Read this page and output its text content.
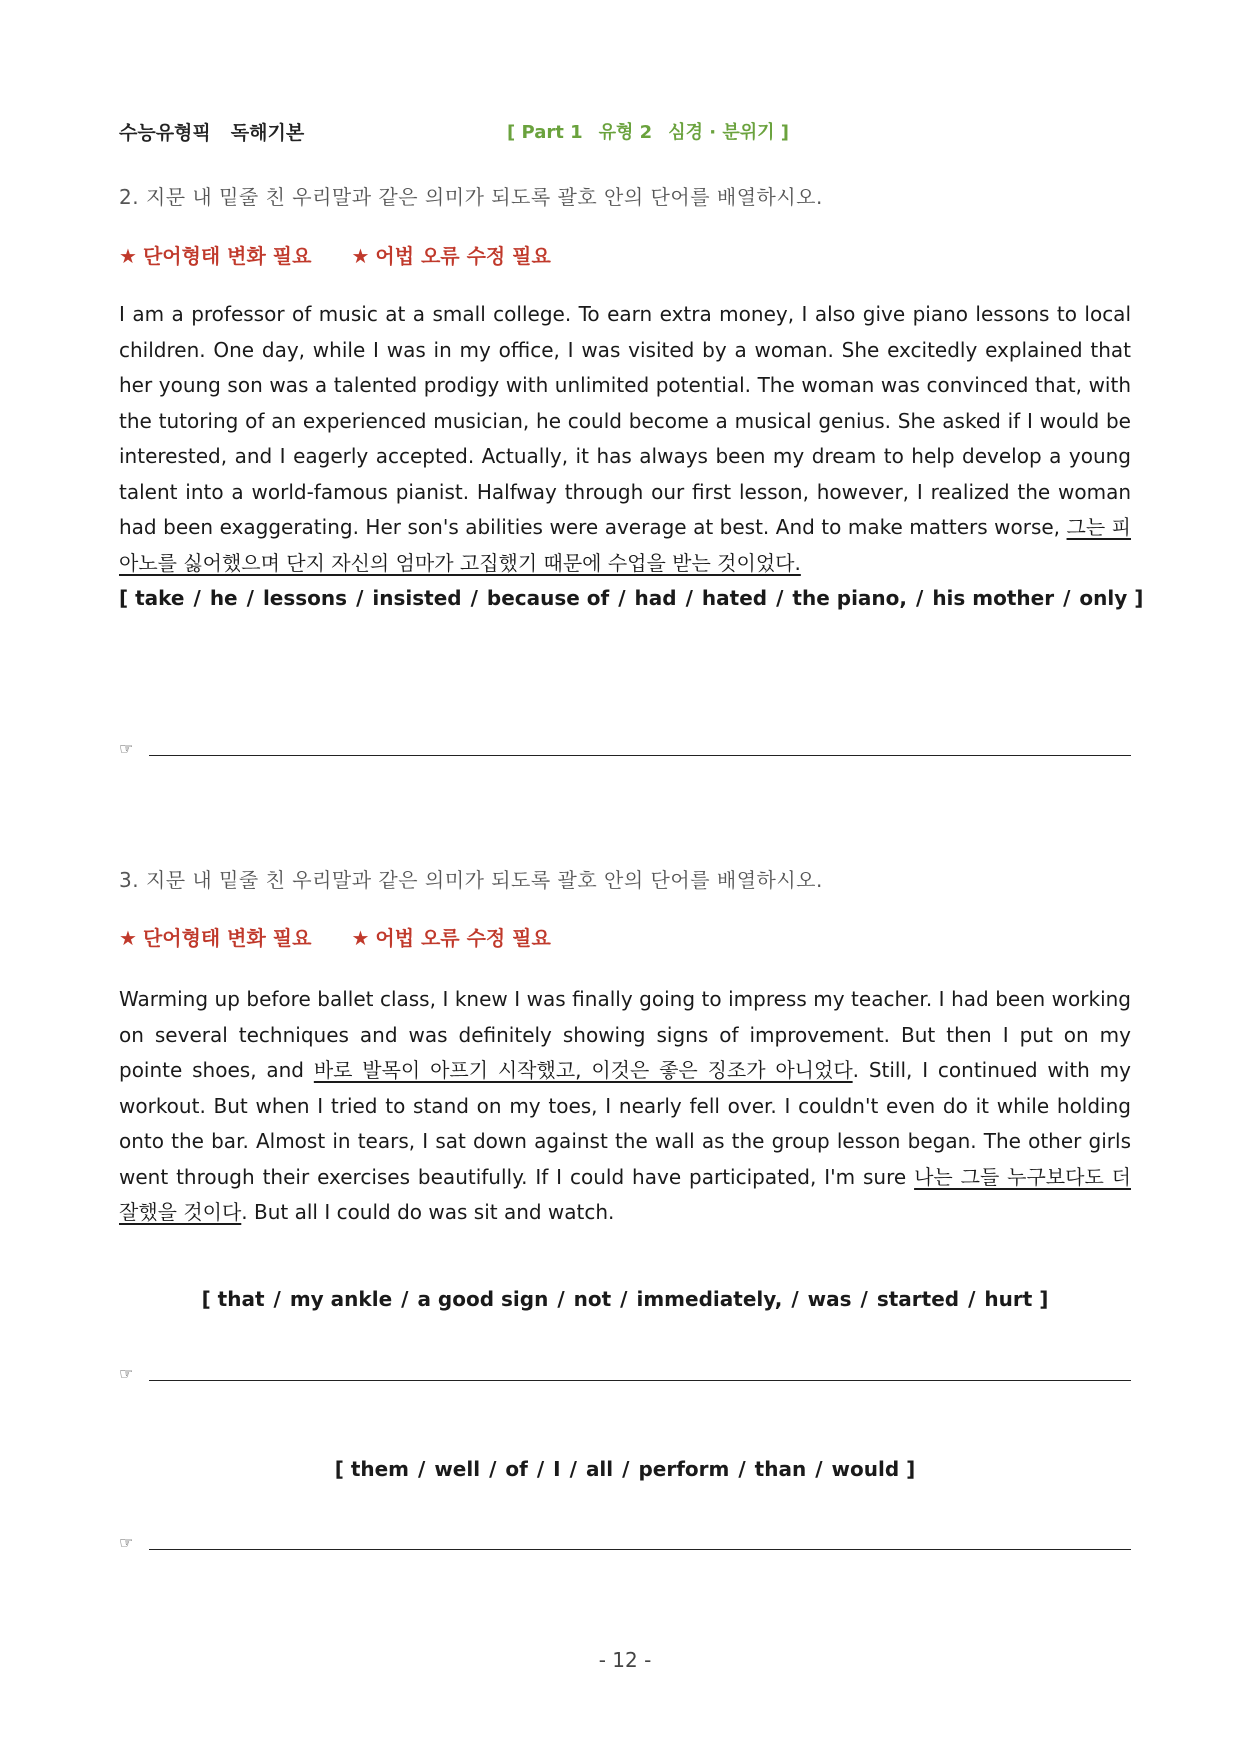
수능유형픽 독해기본	[ Part 1 유형 2 심경 · 분위기 ]
2. 지문 내 밑줄 친 우리말과 같은 의미가 되도록 괄호 안의 단어를 배열하시오.
★ 단어형태 변화 필요 ★ 어법 오류 수정 필요
I am a professor of music at a small college. To earn extra money, I also give piano lessons to local children. One day, while I was in my office, I was visited by a woman. She excitedly explained that her young son was a talented prodigy with unlimited potential. The woman was convinced that, with the tutoring of an experienced musician, he could become a musical genius. She asked if I would be interested, and I eagerly accepted. Actually, it has always been my dream to help develop a young talent into a world-famous pianist. Halfway through our first lesson, however, I realized the woman had been exaggerating. Her son's abilities were average at best. And to make matters worse, 그는 피아노를 싫어했으며 단지 자신의 엄마가 고집했기 때문에 수업을 받는 것이었다.
[ take / he / lessons / insisted / because of / had / hated / the piano, / his mother / only ]
☞
3. 지문 내 밑줄 친 우리말과 같은 의미가 되도록 괄호 안의 단어를 배열하시오.
★ 단어형태 변화 필요 ★ 어법 오류 수정 필요
Warming up before ballet class, I knew I was finally going to impress my teacher. I had been working on several techniques and was definitely showing signs of improvement. But then I put on my pointe shoes, and 바로 발목이 아프기 시작했고, 이것은 좋은 징조가 아니었다. Still, I continued with my workout. But when I tried to stand on my toes, I nearly fell over. I couldn't even do it while holding onto the bar. Almost in tears, I sat down against the wall as the group lesson began. The other girls went through their exercises beautifully. If I could have participated, I'm sure 나는 그들 누구보다도 더 잘했을 것이다. But all I could do was sit and watch.
[ that / my ankle / a good sign / not / immediately, / was / started / hurt ]
☞
[ them / well / of / I / all / perform / than / would ]
☞
- 12 -
